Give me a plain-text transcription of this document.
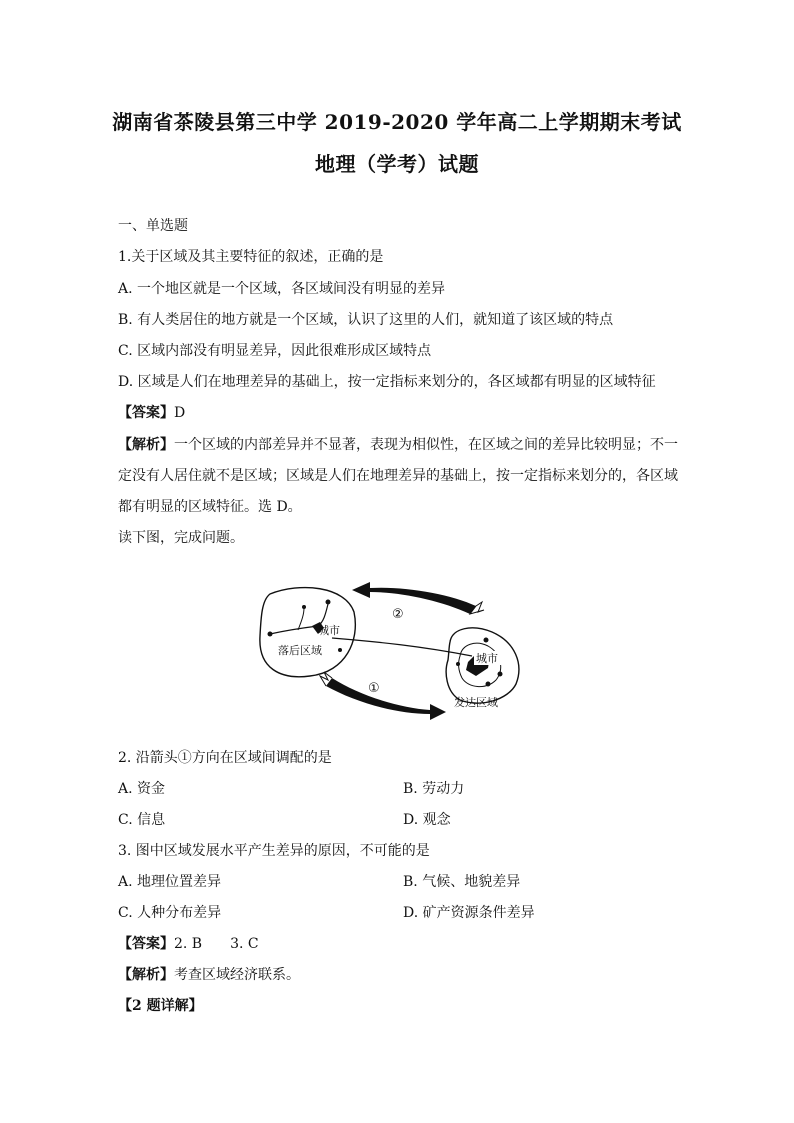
湖南省茶陵县第三中学 2019-2020 学年高二上学期期末考试
地理（学考）试题
一、单选题
1.关于区域及其主要特征的叙述，正确的是
A. 一个地区就是一个区域，各区域间没有明显的差异
B. 有人类居住的地方就是一个区域，认识了这里的人们，就知道了该区域的特点
C. 区域内部没有明显差异，因此很难形成区域特点
D. 区域是人们在地理差异的基础上，按一定指标来划分的，各区域都有明显的区域特征
【答案】D
【解析】一个区域的内部差异并不显著，表现为相似性，在区域之间的差异比较明显；不一
定没有人居住就不是区域；区域是人们在地理差异的基础上，按一定指标来划分的，各区域
都有明显的区域特征。选 D。
读下图，完成问题。
城市
落后区域
城市
发达区域
②
①
2. 沿箭头①方向在区域间调配的是
A. 资金	B. 劳动力
C. 信息	D. 观念
3. 图中区域发展水平产生差异的原因，不可能的是
A. 地理位置差异	B. 气候、地貌差异
C. 人种分布差异	D. 矿产资源条件差异
【答案】2. B　　3. C
【解析】考查区域经济联系。
【2 题详解】
